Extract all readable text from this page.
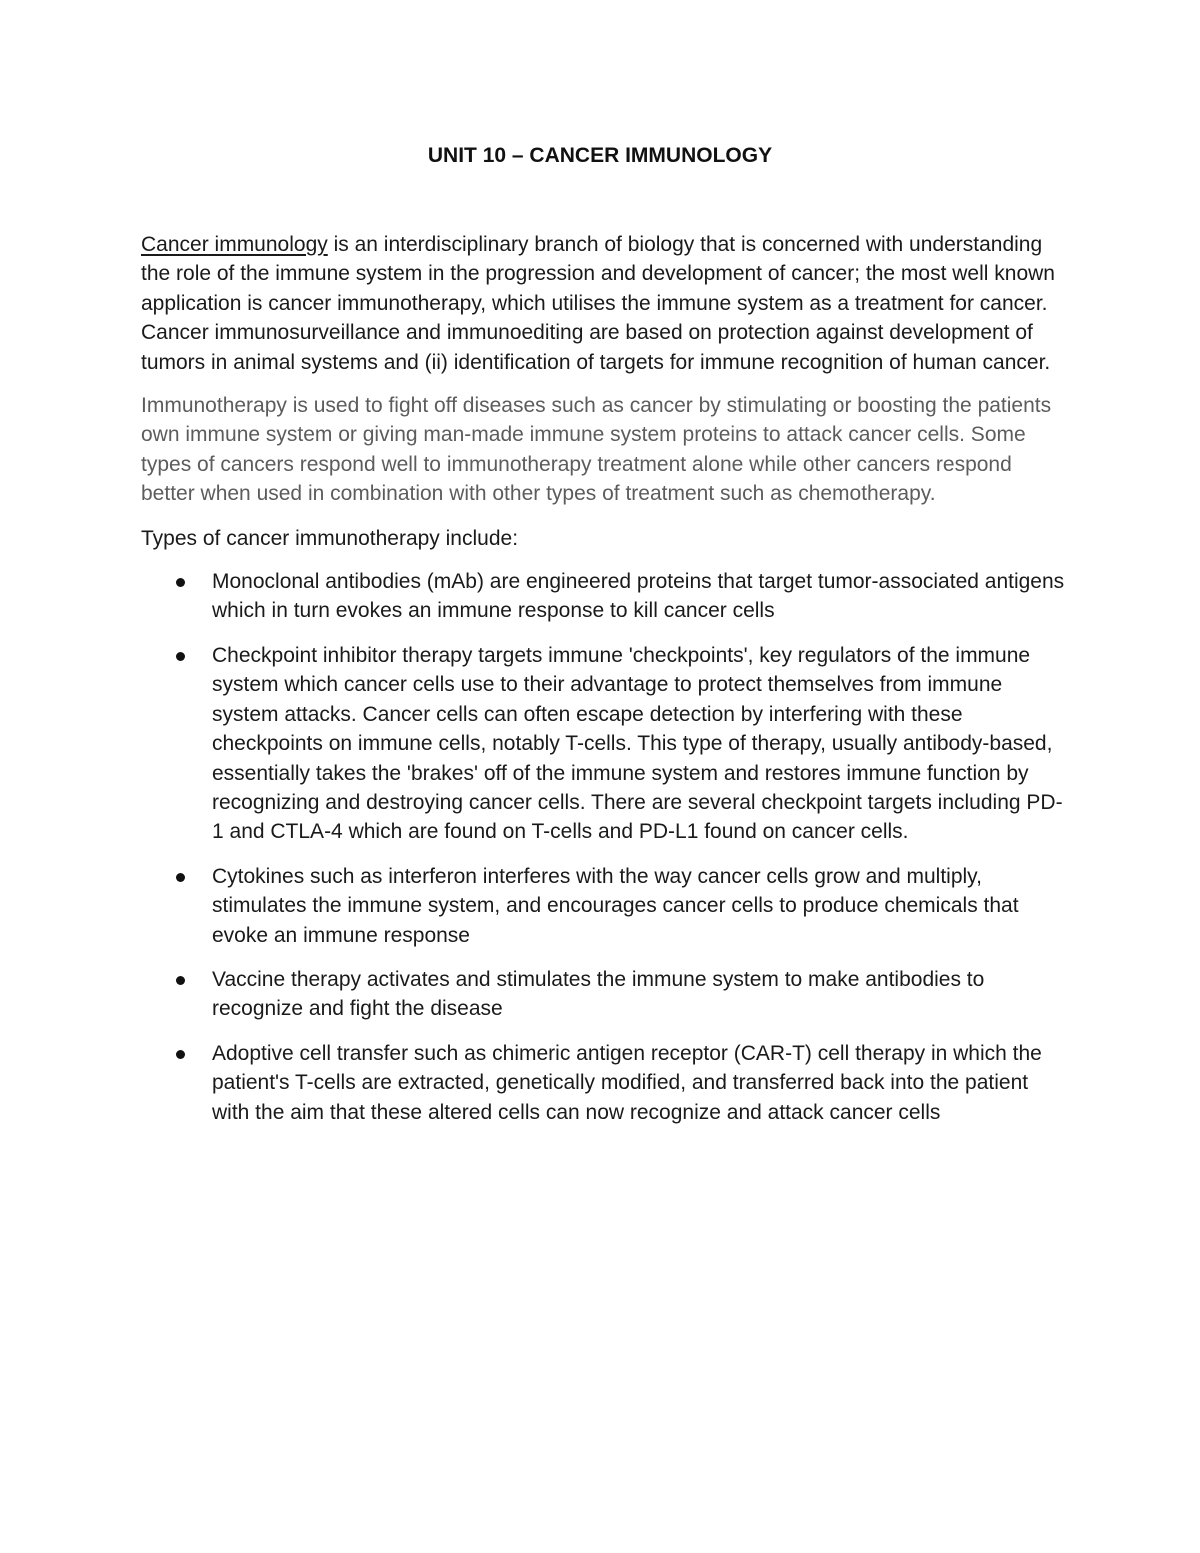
UNIT 10 – CANCER IMMUNOLOGY

Cancer immunology is an interdisciplinary branch of biology that is concerned with understanding the role of the immune system in the progression and development of cancer; the most well known application is cancer immunotherapy, which utilises the immune system as a treatment for cancer. Cancer immunosurveillance and immunoediting are based on protection against development of tumors in animal systems and (ii) identification of targets for immune recognition of human cancer.

Immunotherapy is used to fight off diseases such as cancer by stimulating or boosting the patients own immune system or giving man-made immune system proteins to attack cancer cells. Some types of cancers respond well to immunotherapy treatment alone while other cancers respond better when used in combination with other types of treatment such as chemotherapy.

Types of cancer immunotherapy include:

Monoclonal antibodies (mAb) are engineered proteins that target tumor-associated antigens which in turn evokes an immune response to kill cancer cells
Checkpoint inhibitor therapy targets immune 'checkpoints', key regulators of the immune system which cancer cells use to their advantage to protect themselves from immune system attacks. Cancer cells can often escape detection by interfering with these checkpoints on immune cells, notably T-cells. This type of therapy, usually antibody-based, essentially takes the 'brakes' off of the immune system and restores immune function by recognizing and destroying cancer cells. There are several checkpoint targets including PD-1 and CTLA-4 which are found on T-cells and PD-L1 found on cancer cells.
Cytokines such as interferon interferes with the way cancer cells grow and multiply, stimulates the immune system, and encourages cancer cells to produce chemicals that evoke an immune response
Vaccine therapy activates and stimulates the immune system to make antibodies to recognize and fight the disease
Adoptive cell transfer such as chimeric antigen receptor (CAR-T) cell therapy in which the patient's T-cells are extracted, genetically modified, and transferred back into the patient with the aim that these altered cells can now recognize and attack cancer cells
